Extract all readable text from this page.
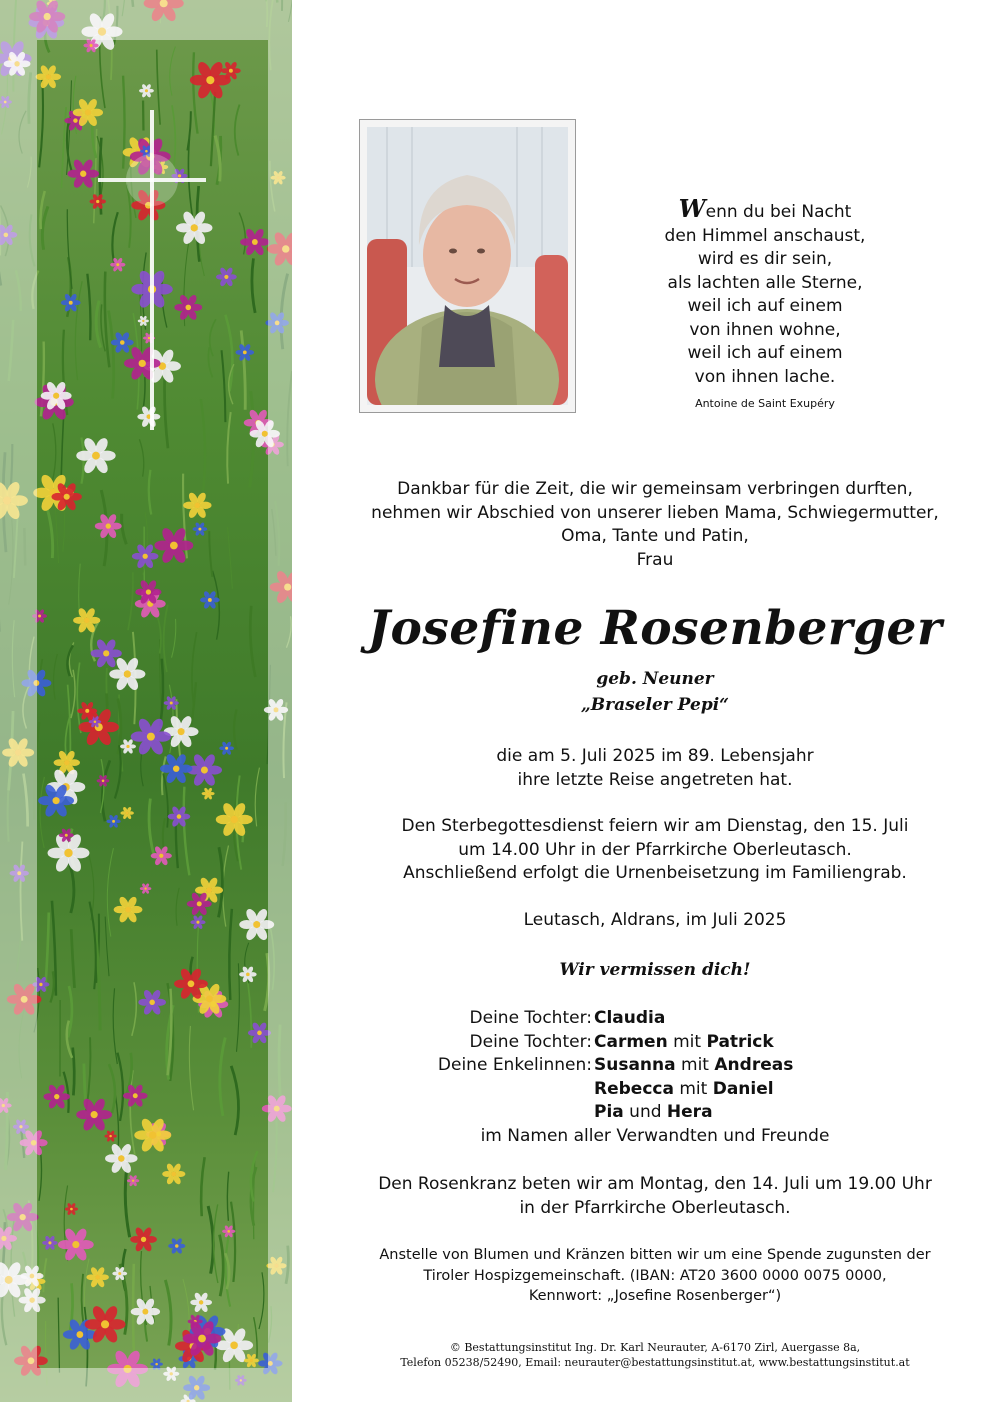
Wenn du bei Nacht
den Himmel anschaust,
wird es dir sein,
als lachten alle Sterne,
weil ich auf einem
von ihnen wohne,
weil ich auf einem
von ihnen lache.
Antoine de Saint Exupéry
Dankbar für die Zeit, die wir gemeinsam verbringen durften,
nehmen wir Abschied von unserer lieben Mama, Schwiegermutter,
Oma, Tante und Patin,
Frau
Josefine Rosenberger
geb. Neuner
„Braseler Pepi“
die am 5. Juli 2025 im 89. Lebensjahr
ihre letzte Reise angetreten hat.
Den Sterbegottesdienst feiern wir am Dienstag, den 15. Juli
um 14.00 Uhr in der Pfarrkirche Oberleutasch.
Anschließend erfolgt die Urnenbeisetzung im Familiengrab.
Leutasch, Aldrans, im Juli 2025
Wir vermissen dich!
Deine Tochter: Claudia
Deine Tochter: Carmen mit Patrick
Deine Enkelinnen: Susanna mit Andreas
Rebecca mit Daniel
Pia und Hera
im Namen aller Verwandten und Freunde
Den Rosenkranz beten wir am Montag, den 14. Juli um 19.00 Uhr
in der Pfarrkirche Oberleutasch.
Anstelle von Blumen und Kränzen bitten wir um eine Spende zugunsten der
Tiroler Hospizgemeinschaft. (IBAN: AT20 3600 0000 0075 0000,
Kennwort: „Josefine Rosenberger“)
© Bestattungsinstitut Ing. Dr. Karl Neurauter, A-6170 Zirl, Auergasse 8a,
Telefon 05238/52490, Email: neurauter@bestattungsinstitut.at, www.bestattungsinstitut.at
